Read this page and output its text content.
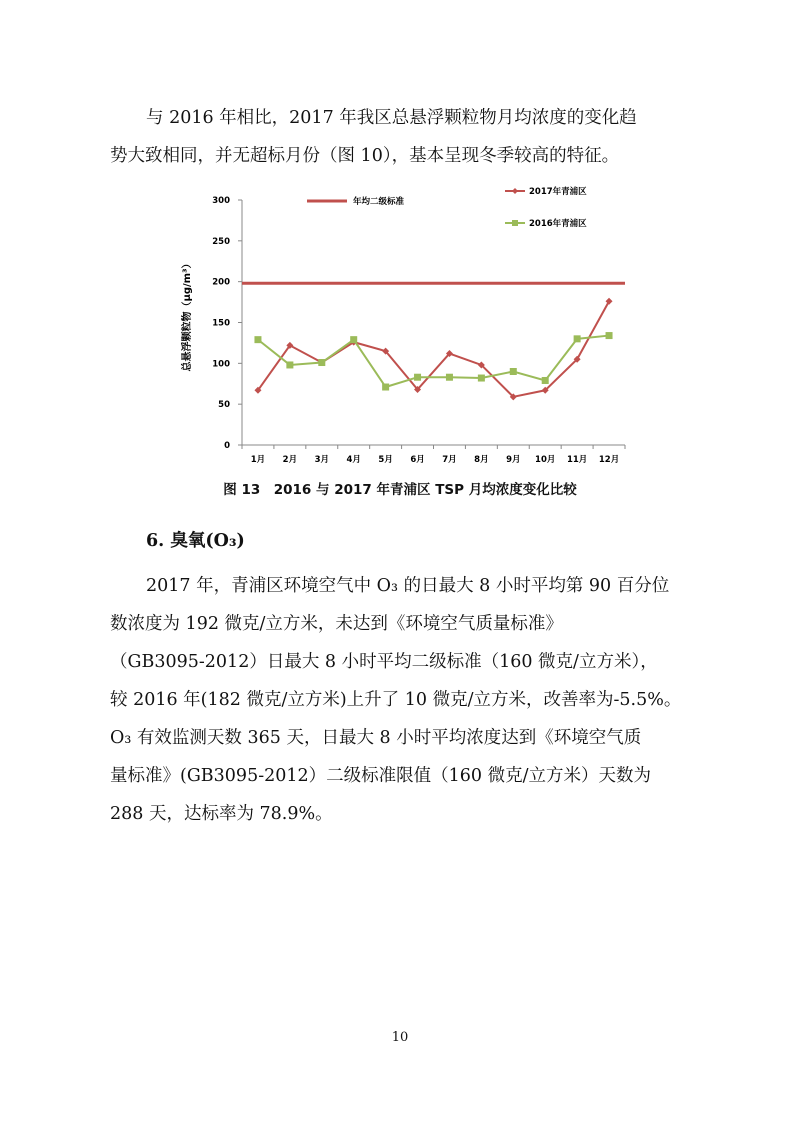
与 2016 年相比，2017 年我区总悬浮颗粒物月均浓度的变化趋
势大致相同，并无超标月份（图 10），基本呈现冬季较高的特征。
0
50
100
150
200
250
300
1月 2月 3月 4月 5月 6月 7月 8月 9月 10月 11月 12月
年均二级标准
2017年青浦区
2016年青浦区
总悬浮颗粒物（μg/m³）
图 13　2016 与 2017 年青浦区 TSP 月均浓度变化比较
6. 臭氧(O₃)
2017 年，青浦区环境空气中 O₃ 的日最大 8 小时平均第 90 百分位
数浓度为 192 微克/立方米，未达到《环境空气质量标准》
（GB3095-2012）日最大 8 小时平均二级标准（160 微克/立方米），
较 2016 年(182 微克/立方米)上升了 10 微克/立方米，改善率为-5.5%。
O₃ 有效监测天数 365 天，日最大 8 小时平均浓度达到《环境空气质
量标准》(GB3095-2012）二级标准限值（160 微克/立方米）天数为
288 天，达标率为 78.9%。
10
